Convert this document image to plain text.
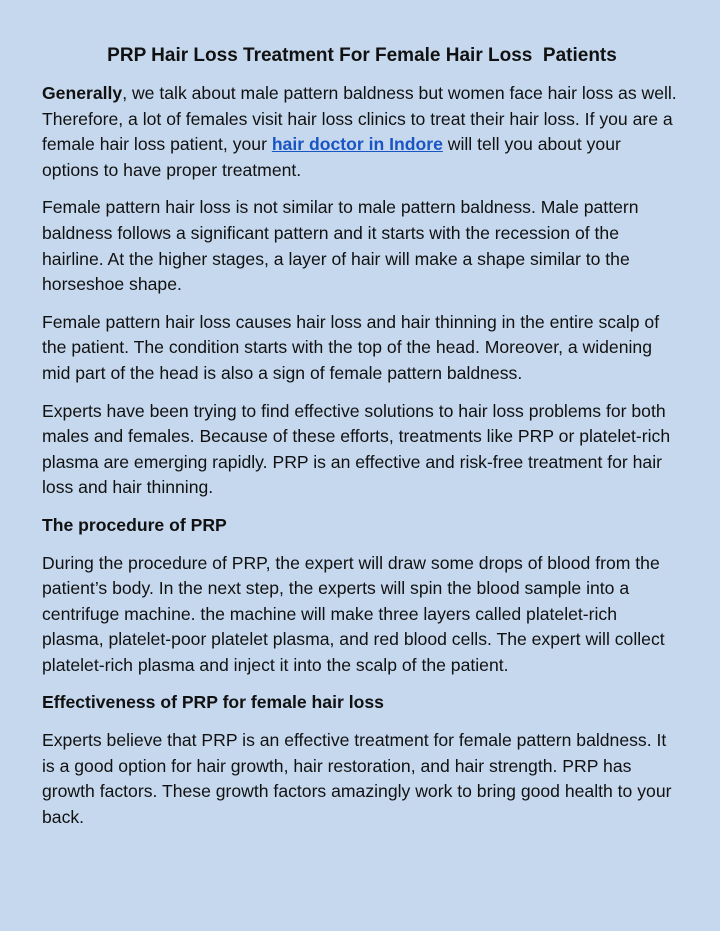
PRP Hair Loss Treatment For Female Hair Loss  Patients

Generally, we talk about male pattern baldness but women face hair loss as well. Therefore, a lot of females visit hair loss clinics to treat their hair loss. If you are a female hair loss patient, your hair doctor in Indore will tell you about your options to have proper treatment.

Female pattern hair loss is not similar to male pattern baldness. Male pattern baldness follows a significant pattern and it starts with the recession of the hairline. At the higher stages, a layer of hair will make a shape similar to the horseshoe shape.

Female pattern hair loss causes hair loss and hair thinning in the entire scalp of the patient. The condition starts with the top of the head. Moreover, a widening mid part of the head is also a sign of female pattern baldness.

Experts have been trying to find effective solutions to hair loss problems for both males and females. Because of these efforts, treatments like PRP or platelet-rich plasma are emerging rapidly. PRP is an effective and risk-free treatment for hair loss and hair thinning.

The procedure of PRP

During the procedure of PRP, the expert will draw some drops of blood from the patient’s body. In the next step, the experts will spin the blood sample into a centrifuge machine. the machine will make three layers called platelet-rich plasma, platelet-poor platelet plasma, and red blood cells. The expert will collect platelet-rich plasma and inject it into the scalp of the patient.

Effectiveness of PRP for female hair loss

Experts believe that PRP is an effective treatment for female pattern baldness. It is a good option for hair growth, hair restoration, and hair strength. PRP has growth factors. These growth factors amazingly work to bring good health to your back.
